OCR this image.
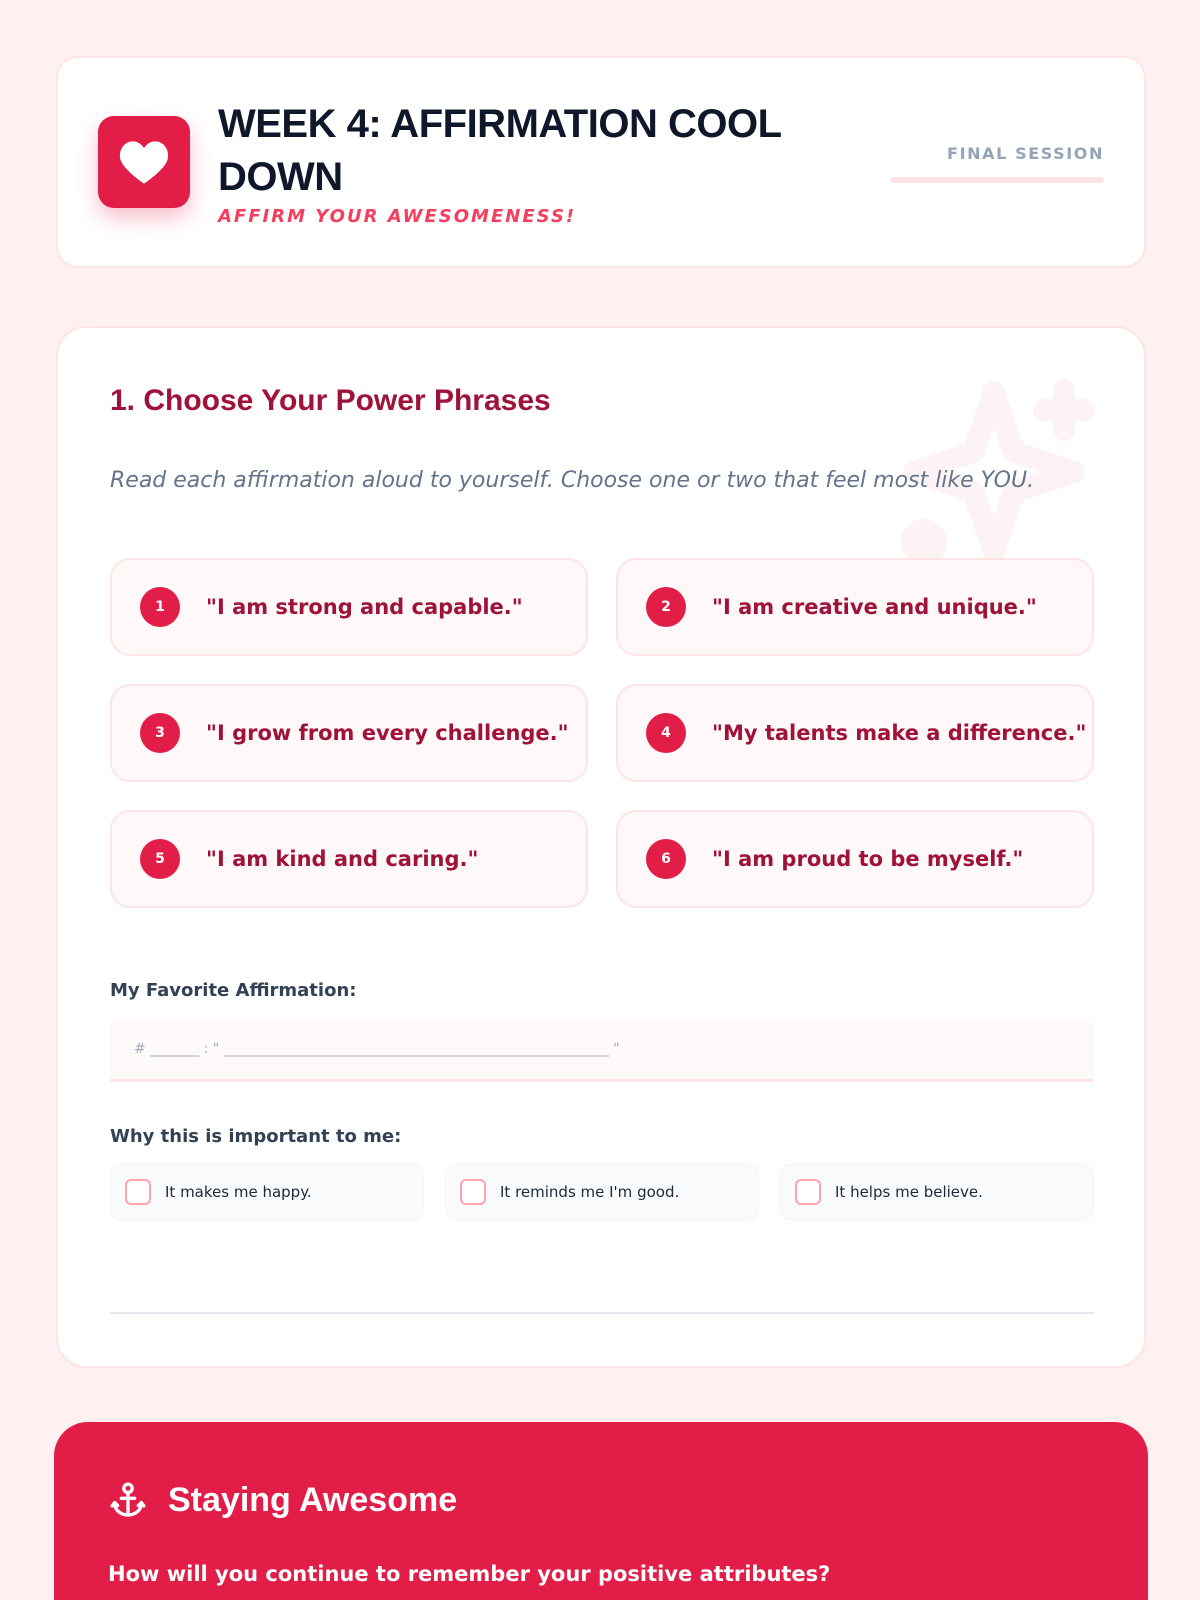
WEEK 4: AFFIRMATION COOL DOWN
AFFIRM YOUR AWESOMENESS!
FINAL SESSION
1. Choose Your Power Phrases
Read each affirmation aloud to yourself. Choose one or two that feel most like YOU.
1	"I am strong and capable."	2	"I am creative and unique."
3	"I grow from every challenge."	4	"My talents make a difference."
5	"I am kind and caring."	6	"I am proud to be myself."
My Favorite Affirmation:
# _______ : " _______________________________________________________ "
Why this is important to me:
It makes me happy.	It reminds me I'm good.	It helps me believe.
Staying Awesome
How will you continue to remember your positive attributes?
